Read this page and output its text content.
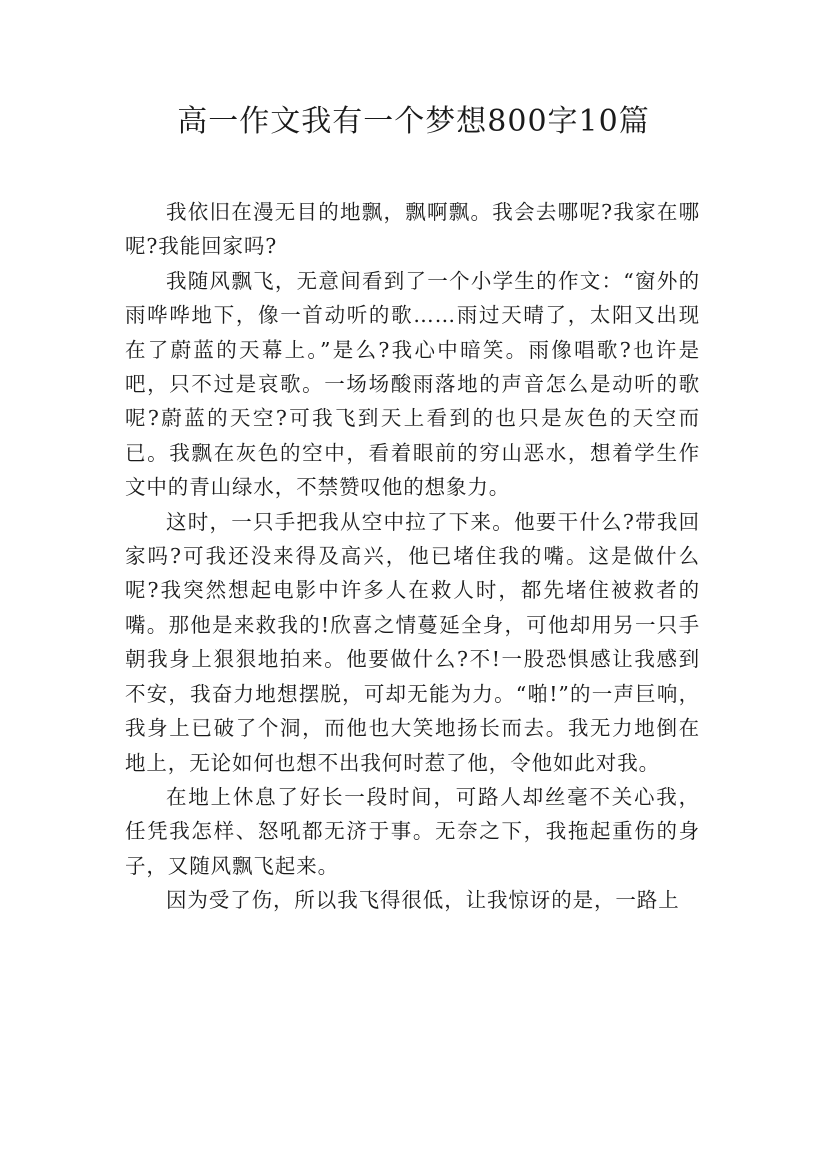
高一作文我有一个梦想800字10篇

我依旧在漫无目的地飘，飘啊飘。我会去哪呢?我家在哪呢?我能回家吗?

我随风飘飞，无意间看到了一个小学生的作文：“窗外的雨哗哗地下，像一首动听的歌……雨过天晴了，太阳又出现在了蔚蓝的天幕上。”是么?我心中暗笑。雨像唱歌?也许是吧，只不过是哀歌。一场场酸雨落地的声音怎么是动听的歌呢?蔚蓝的天空?可我飞到天上看到的也只是灰色的天空而已。我飘在灰色的空中，看着眼前的穷山恶水，想着学生作文中的青山绿水，不禁赞叹他的想象力。

这时，一只手把我从空中拉了下来。他要干什么?带我回家吗?可我还没来得及高兴，他已堵住我的嘴。这是做什么呢?我突然想起电影中许多人在救人时，都先堵住被救者的嘴。那他是来救我的!欣喜之情蔓延全身，可他却用另一只手朝我身上狠狠地拍来。他要做什么?不!一股恐惧感让我感到不安，我奋力地想摆脱，可却无能为力。“啪!”的一声巨响，我身上已破了个洞，而他也大笑地扬长而去。我无力地倒在地上，无论如何也想不出我何时惹了他，令他如此对我。

在地上休息了好长一段时间，可路人却丝毫不关心我，任凭我怎样、怒吼都无济于事。无奈之下，我拖起重伤的身子，又随风飘飞起来。

因为受了伤，所以我飞得很低，让我惊讶的是，一路上
